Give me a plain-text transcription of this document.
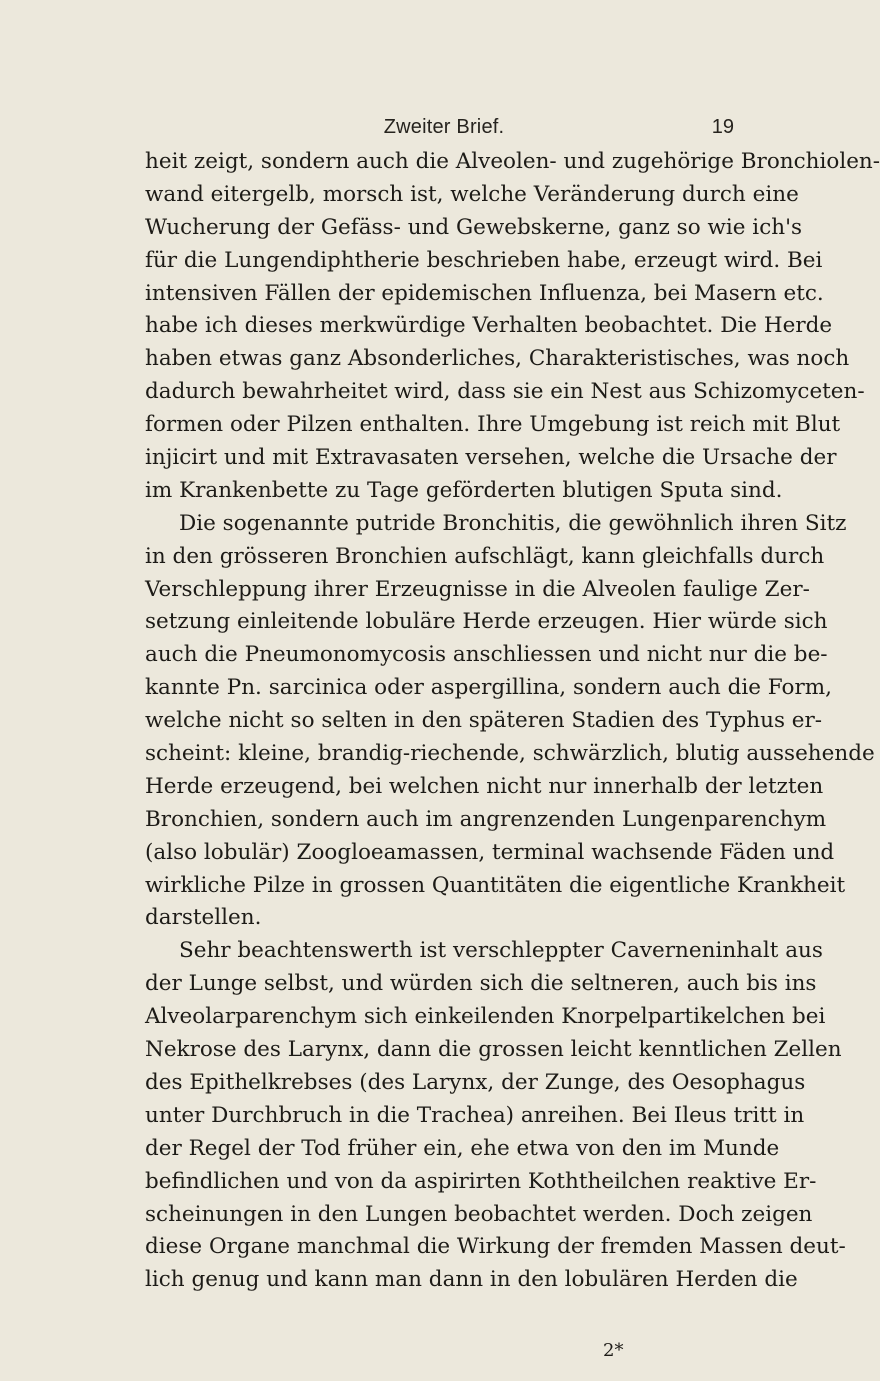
Zweiter Brief.	19
heit zeigt, sondern auch die Alveolen- und zugehörige Bronchiolen-
wand eitergelb, morsch ist, welche Veränderung durch eine
Wucherung der Gefäss- und Gewebskerne, ganz so wie ich's
für die Lungendiphtherie beschrieben habe, erzeugt wird. Bei
intensiven Fällen der epidemischen Influenza, bei Masern etc.
habe ich dieses merkwürdige Verhalten beobachtet. Die Herde
haben etwas ganz Absonderliches, Charakteristisches, was noch
dadurch bewahrheitet wird, dass sie ein Nest aus Schizomyceten-
formen oder Pilzen enthalten. Ihre Umgebung ist reich mit Blut
injicirt und mit Extravasaten versehen, welche die Ursache der
im Krankenbette zu Tage geförderten blutigen Sputa sind.
Die sogenannte putride Bronchitis, die gewöhnlich ihren Sitz
in den grösseren Bronchien aufschlägt, kann gleichfalls durch
Verschleppung ihrer Erzeugnisse in die Alveolen faulige Zer-
setzung einleitende lobuläre Herde erzeugen. Hier würde sich
auch die Pneumonomycosis anschliessen und nicht nur die be-
kannte Pn. sarcinica oder aspergillina, sondern auch die Form,
welche nicht so selten in den späteren Stadien des Typhus er-
scheint: kleine, brandig-riechende, schwärzlich, blutig aussehende
Herde erzeugend, bei welchen nicht nur innerhalb der letzten
Bronchien, sondern auch im angrenzenden Lungenparenchym
(also lobulär) Zoogloeamassen, terminal wachsende Fäden und
wirkliche Pilze in grossen Quantitäten die eigentliche Krankheit
darstellen.
Sehr beachtenswerth ist verschleppter Caverneninhalt aus
der Lunge selbst, und würden sich die seltneren, auch bis ins
Alveolarparenchym sich einkeilenden Knorpelpartikelchen bei
Nekrose des Larynx, dann die grossen leicht kenntlichen Zellen
des Epithelkrebses (des Larynx, der Zunge, des Oesophagus
unter Durchbruch in die Trachea) anreihen. Bei Ileus tritt in
der Regel der Tod früher ein, ehe etwa von den im Munde
befindlichen und von da aspirirten Koththeilchen reaktive Er-
scheinungen in den Lungen beobachtet werden. Doch zeigen
diese Organe manchmal die Wirkung der fremden Massen deut-
lich genug und kann man dann in den lobulären Herden die
2*
